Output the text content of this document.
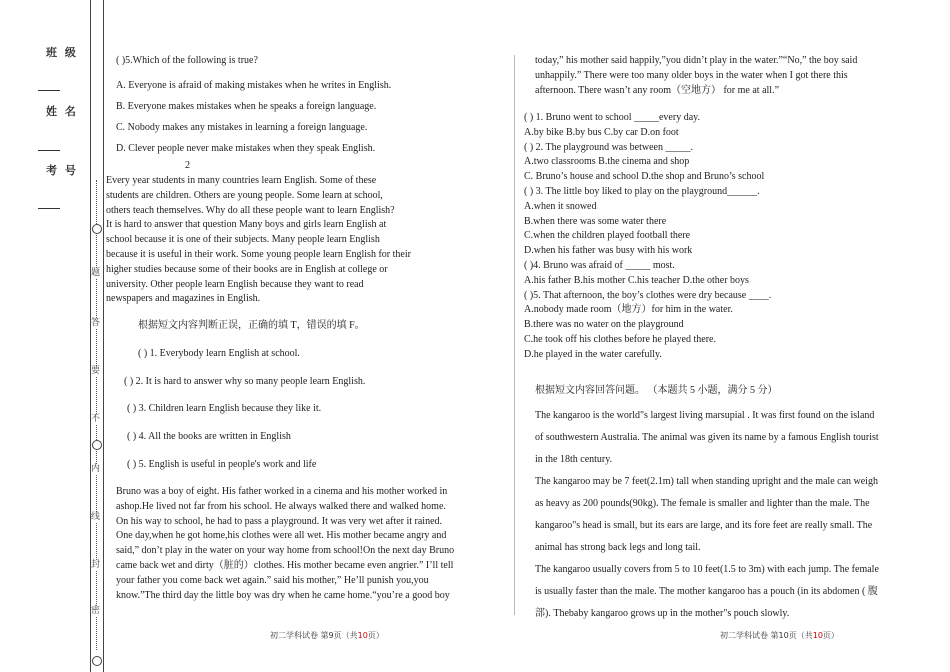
班 级
姓 名
考 号
题
答
要
不
内
线
封
密

( )5.Which of the following is true?

A. Everyone is afraid of making mistakes when he writes in English.

B. Everyone makes mistakes when he speaks a foreign language.

C. Nobody makes any mistakes in learning a foreign language.

D. Clever people never make mistakes when they speak English.

2

Every year students in many countries learn English. Some of these

students are children. Others are young people. Some learn at school,

others teach themselves. Why do all these people want to learn English?

It is hard to answer that question Many boys and girls learn English at

school because it is one of their subjects. Many people learn English

because it is useful in their work. Some young people learn English for their

higher studies because some of their books are in English at college or

university. Other people learn English because they want to read

newspapers and magazines in English.

根据短文内容判断正误，正确的填 T，错误的填 F。

( ) 1. Everybody learn English at school.

( ) 2. It is hard to answer why so many people learn English.

( ) 3. Children learn English because they like it.

( ) 4. All the books are written in English

( ) 5. English is useful in people's work and life

Bruno was a boy of eight. His father worked in a cinema and his mother worked in

ashop.He lived not far from his school. He always walked there and walked home.

On his way to school, he had to pass a playground. It was very wet after it rained.

One day,when he got home,his clothes were all wet. His mother became angry and

said,” don’t play in the water on your way home from school!On the next day Bruno

came back wet and dirty（脏的）clothes. His mother became even angrier.” I’ll tell

your father you come back wet again.” said his mother,” He’ll punish you,you

know.”The third day the little boy was dry when he came home.“you’re a good boy

初二学科试卷 第9页（共10页）

today,” his mother said happily,”you didn’t play in the water.”“No,” the boy said

unhappily.” There were too many older boys in the water when I got there this

afternoon. There wasn’t any room（空地方） for me at all.”

( ) 1. Bruno went to school _____every day.

A.by bike B.by bus C.by car D.on foot

( ) 2. The playground was between _____.

A.two classrooms B.the cinema and shop

C. Bruno’s house and school D.the shop and Bruno’s school

( ) 3. The little boy liked to play on the playground______.

A.when it snowed

B.when there was some water there

C.when the children played football there

D.when his father was busy with his work

( )4. Bruno was afraid of _____ most.

A.his father B.his mother C.his teacher D.the other boys

( )5. That afternoon, the boy’s clothes were dry because ____.

A.nobody made room（地方）for him in the water.

B.there was no water on the playground

C.he took off his clothes before he played there.

D.he played in the water carefully.

根据短文内容回答问题。 （本题共 5 小题，满分 5 分）

The kangaroo is the world"s largest living marsupial . It was first found on the island

of southwestern Australia. The animal was given its name by a famous English tourist

in the 18th century.

The kangaroo may be 7 feet(2.1m) tall when standing upright and the male can weigh

as heavy as 200 pounds(90kg). The female is smaller and lighter than the male. The

kangaroo"s head is small, but its ears are large, and its fore feet are really small. The

animal has strong back legs and long tail.

The kangaroo usually covers from 5 to 10 feet(1.5 to 3m) with each jump. The female

is usually faster than the male. The mother kangaroo has a pouch (in its abdomen ( 腹

部). Thebaby kangaroo grows up in the mother"s pouch slowly.

初二学科试卷 第10页（共10页）
